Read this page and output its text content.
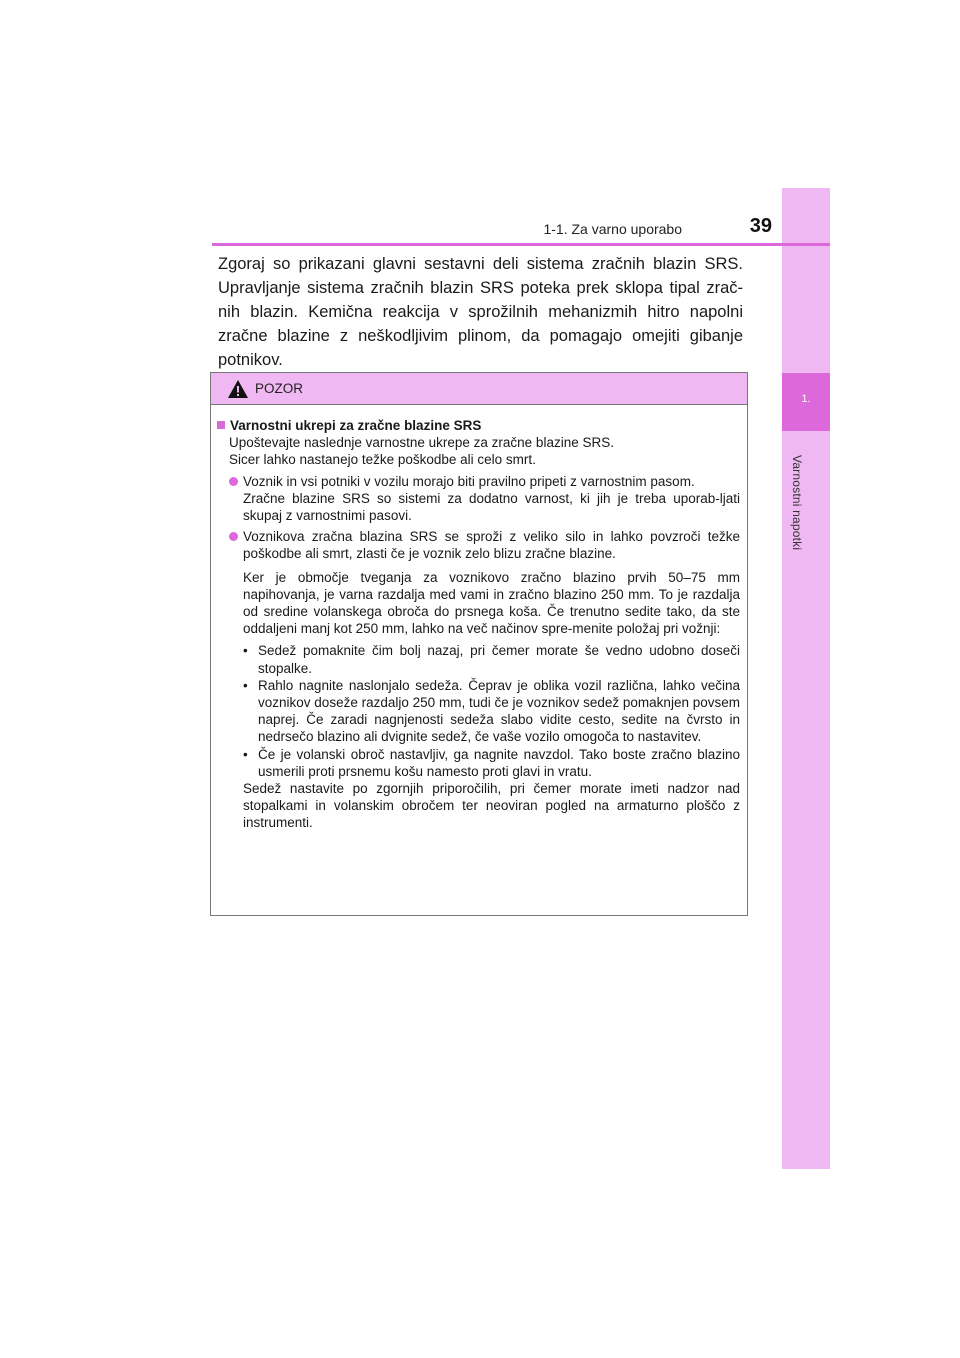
1.
Varnostni napotki
1-1. Za varno uporabo	39
Zgoraj so prikazani glavni sestavni deli sistema zračnih blazin SRS. Upravljanje sistema zračnih blazin SRS poteka prek sklopa tipal zrač-nih blazin. Kemična reakcija v sprožilnih mehanizmih hitro napolni zračne blazine z neškodljivim plinom, da pomagajo omejiti gibanje potnikov.
POZOR
Varnostni ukrepi za zračne blazine SRS
Upoštevajte naslednje varnostne ukrepe za zračne blazine SRS.
Sicer lahko nastanejo težke poškodbe ali celo smrt.
Voznik in vsi potniki v vozilu morajo biti pravilno pripeti z varnostnim pasom.
Zračne blazine SRS so sistemi za dodatno varnost, ki jih je treba uporab-ljati skupaj z varnostnimi pasovi.
Voznikova zračna blazina SRS se sproži z veliko silo in lahko povzroči težke poškodbe ali smrt, zlasti če je voznik zelo blizu zračne blazine.
Ker je območje tveganja za voznikovo zračno blazino prvih 50–75 mm napihovanja, je varna razdalja med vami in zračno blazino 250 mm. To je razdalja od sredine volanskega obroča do prsnega koša. Če trenutno sedite tako, da ste oddaljeni manj kot 250 mm, lahko na več načinov spre-menite položaj pri vožnji:
• Sedež pomaknite čim bolj nazaj, pri čemer morate še vedno udobno doseči stopalke.
• Rahlo nagnite naslonjalo sedeža. Čeprav je oblika vozil različna, lahko večina voznikov doseže razdaljo 250 mm, tudi če je voznikov sedež pomaknjen povsem naprej. Če zaradi nagnjenosti sedeža slabo vidite cesto, sedite na čvrsto in nedrsečo blazino ali dvignite sedež, če vaše vozilo omogoča to nastavitev.
• Če je volanski obroč nastavljiv, ga nagnite navzdol. Tako boste zračno blazino usmerili proti prsnemu košu namesto proti glavi in vratu.
Sedež nastavite po zgornjih priporočilih, pri čemer morate imeti nadzor nad stopalkami in volanskim obročem ter neoviran pogled na armaturno ploščo z instrumenti.
